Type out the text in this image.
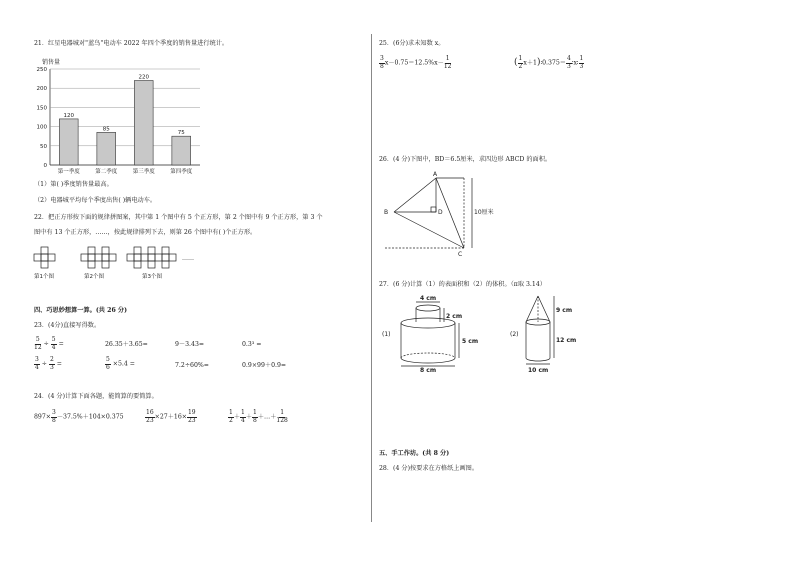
21．红星电器城对"蓝鸟"电动车 2022 年四个季度的销售量进行统计。
销售量
0
50
100
150
200
250
120
第一季度
85
第二季度
220
第三季度
75
第四季度
（1）第( )季度销售量最高。
（2）电器城平均每个季度出售( )辆电动车。
22．把正方形按下面的规律拼图案，其中第 1 个图中有 5 个正方形，第 2 个图中有 9 个正方形，第 3 个
图中有 13 个正方形，……，按此规律排列下去，则第 26 个图中有( )个正方形。
……
第1个图	第2个图	第3个图
四、巧思妙想算一算。(共 26 分)
23．(4分)直接写得数。
$\frac{5}{12} \div \frac{5}{4}$ =	26.35＋3.65=	9－3.43=	0.3³ =
$\frac{3}{4} \div \frac{2}{3}$ =	$\frac{5}{6} \times 5.4$ =	7.2÷60%=	0.9×99＋0.9=
24．(4 分)计算下面各题，能简算的要简算。
$897\times \frac{3}{8} -37.5\%+104\times 0.375$	$\frac{16}{23} \times 27+16\times \frac{19}{23}$	$\frac{1}{2} + \frac{1}{4} + \frac{1}{8}$ ＋…＋ $\frac{1}{128}$
25．(6分)求未知数 x。
$\frac{3}{8} x-0.75=12.5\%x- \frac{1}{12}$	( $\frac{1}{2}$ x＋1)∶0.375＝ $\frac{4}{3}$ ∶x∶ $\frac{1}{3}$
26．(4 分)下图中，BD＝6.5厘米，求四边形 ABCD 的面积。
A
B
C
D	10厘米
27．(6 分)计算（1）的表面积和（2）的体积。（π取 3.14）
(1)
4 cm
2 cm
5 cm
8 cm
(2)
9 cm
12 cm
10 cm
五、手工作坊。(共 8 分)
28．(4 分)按要求在方格纸上画图。
